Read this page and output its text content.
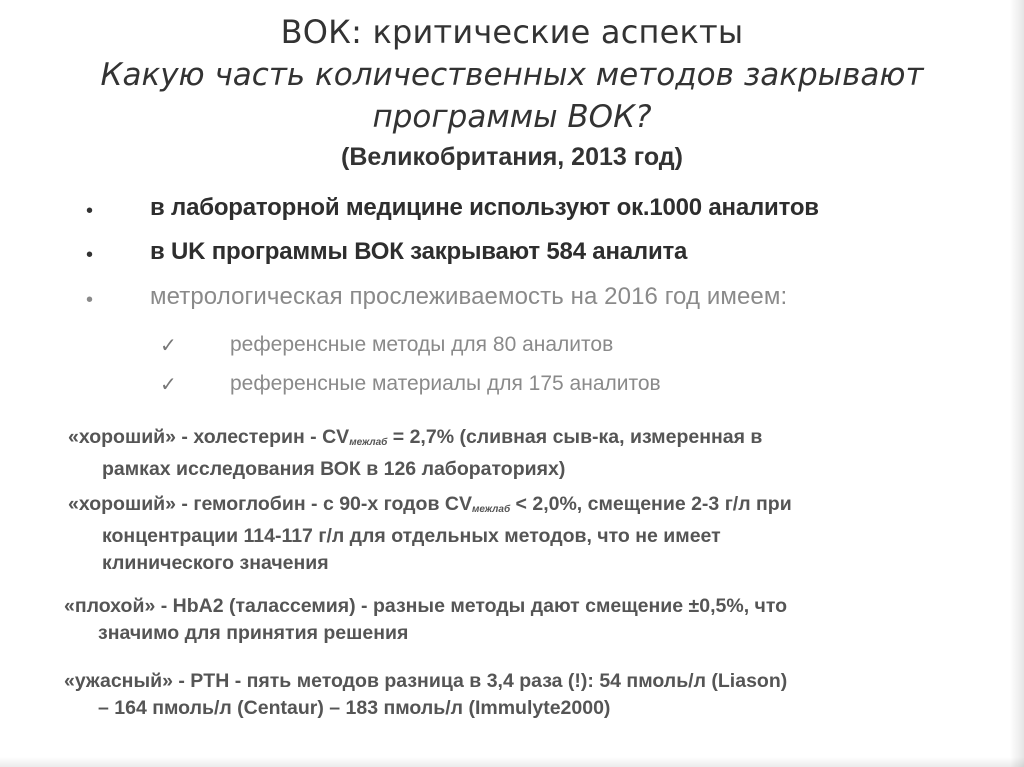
ВОК: критические аспекты
Какую часть количественных методов закрывают
программы ВОК?
(Великобритания, 2013 год)
• в лабораторной медицине используют ок.1000 аналитов
• в UK программы ВОК закрывают 584 аналита
• метрологическая прослеживаемость на 2016 год имеем:
✓	референсные методы для 80 аналитов
✓	референсные материалы для 175 аналитов
«хороший» - холестерин - $CV_{межлаб} = 2,7\%$ (сливная сыв-ка, измеренная в
рамках исследования ВОК в 126 лабораториях)
«хороший» - гемоглобин - с 90-х годов $CV_{межлаб} < 2,0\%$, смещение 2-3 г/л при
концентрации 114-117 г/л для отдельных методов, что не имеет
клинического значения
«плохой» - HbA2 (талассемия) - разные методы дают смещение ±0,5%, что
значимо для принятия решения
«ужасный» - PTH - пять методов разница в 3,4 раза (!): 54 пмоль/л (Liason)
– 164 пмоль/л (Centaur) – 183 пмоль/л (Immulyte2000)
